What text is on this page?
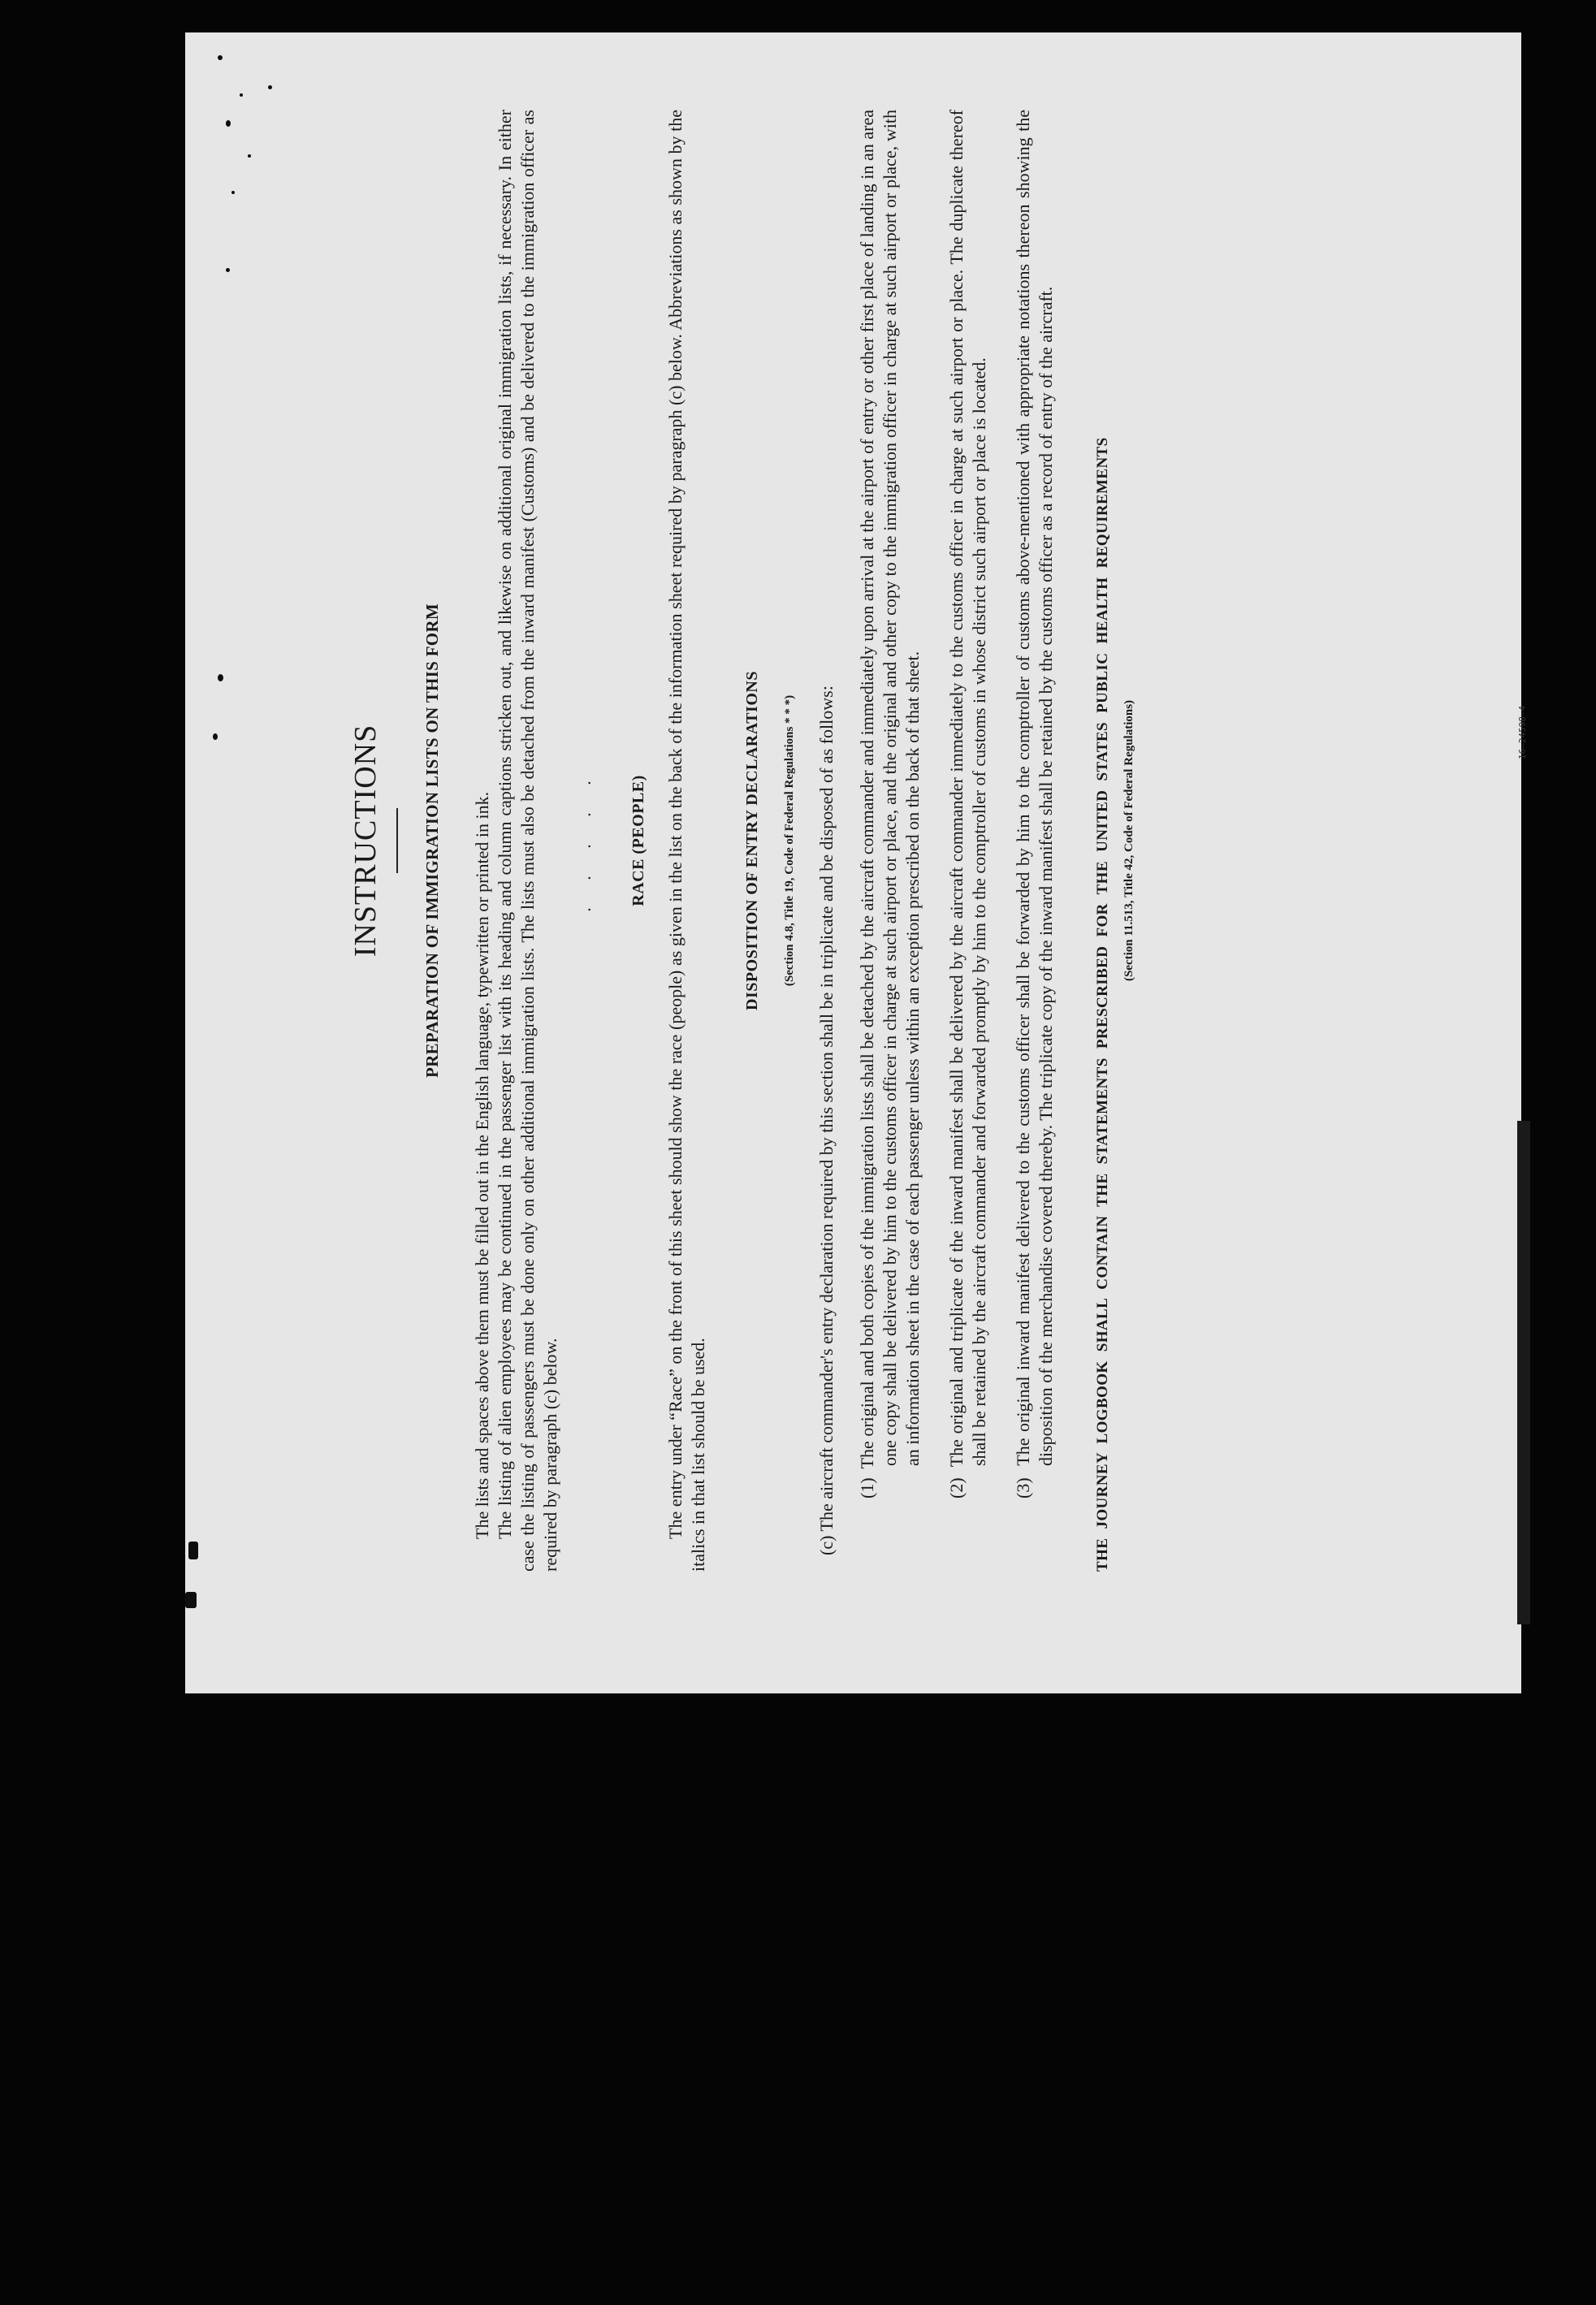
INSTRUCTIONS PREPARATION OF IMMIGRATION LISTS ON THIS FORM The lists and spaces above them must be filled out in the English language, typewritten or printed in ink. The listing of alien employees may be continued in the passenger list with its heading and column captions stricken out, and likewise on additional original immigration lists, if necessary. In either case the listing of passengers must be done only on other additional immigration lists. The lists must also be detached from the inward manifest (Customs) and be delivered to the immigration officer as required by paragraph (c) below.

. . . . . RACE (PEOPLE) The entry under “Race” on the front of this sheet should show the race (people) as given in the list on the back of the information sheet required by paragraph (c) below. Abbreviations as shown by the italics in that list should be used.

DISPOSITION OF ENTRY DECLARATIONS	(Section 4.8, Title 19, Code of Federal Regulations * * *) (c) The aircraft commander's entry declaration required by this section shall be in triplicate and be disposed of as follows: (1)  The original and both copies of the immigration lists shall be detached by the aircraft commander and immediately upon arrival at the airport of entry or other first place of landing in an area one copy shall be delivered by him to the customs officer in charge at such airport or place, and the original and other copy to the immigration officer in charge at such airport or place, with an information sheet in the case of each passenger unless within an exception prescribed on the back of that sheet.

(2)  The original and triplicate of the inward manifest shall be delivered by the aircraft commander immediately to the customs officer in charge at such airport or place. The duplicate thereof shall be retained by the aircraft commander and forwarded promptly by him to the comptroller of customs in whose district such airport or place is located.

(3)  The original inward manifest delivered to the customs officer shall be forwarded by him to the comptroller of customs above-mentioned with appropriate notations thereon showing the disposition of the merchandise covered thereby. The triplicate copy of the inward manifest shall be retained by the customs officer as a record of entry of the aircraft. THE JOURNEY LOGBOOK SHALL CONTAIN THE STATEMENTS PRESCRIBED FOR THE UNITED STATES PUBLIC HEALTH REQUIREMENTS (Section 11.513, Title 42, Code of Federal Regulations)	16—24598-4
